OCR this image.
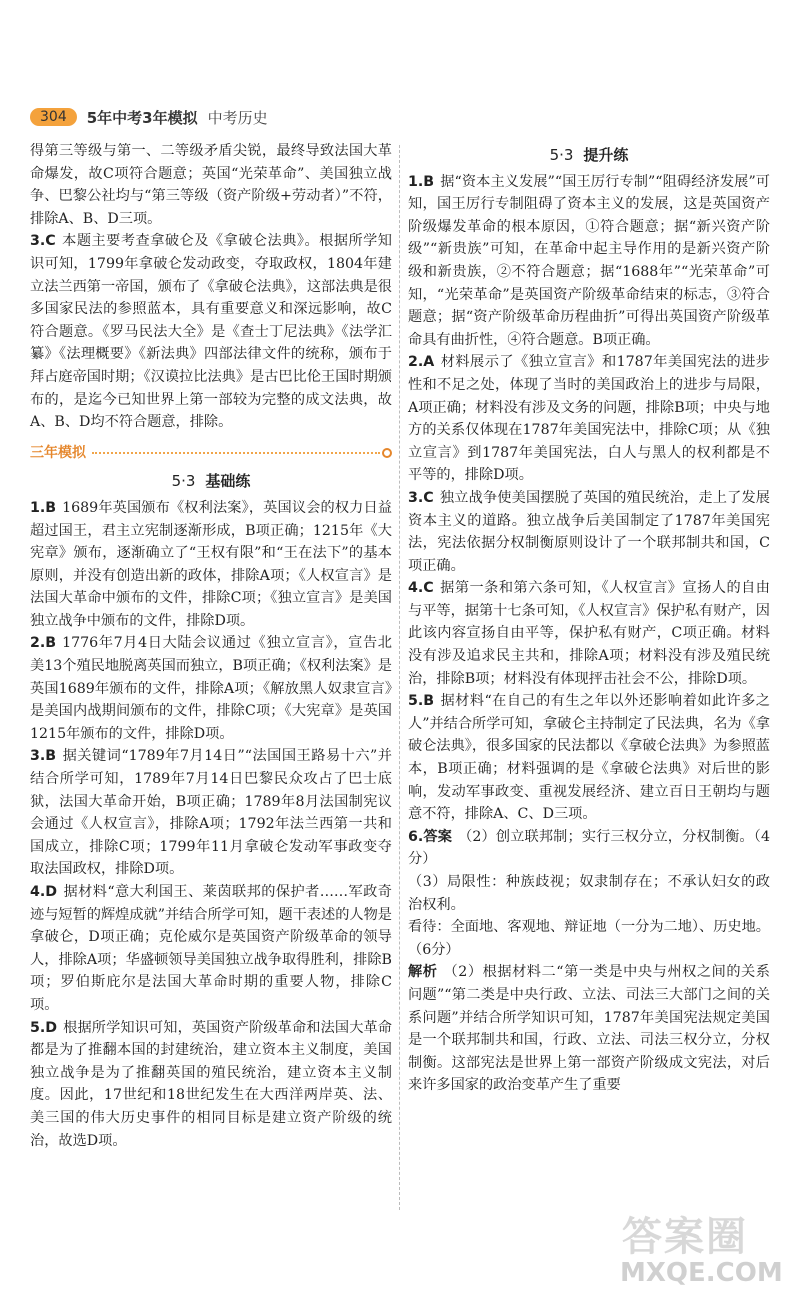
304	5年中考3年模拟 中考历史

得第三等级与第一、二等级矛盾尖锐，最终导致法国大革命爆发，故C项符合题意；英国“光荣革命”、美国独立战争、巴黎公社均与“第三等级（资产阶级+劳动者）”不符，排除A、B、D三项。

3.C 本题主要考查拿破仑及《拿破仑法典》。根据所学知识可知，1799年拿破仑发动政变，夺取政权，1804年建立法兰西第一帝国，颁布了《拿破仑法典》，这部法典是很多国家民法的参照蓝本，具有重要意义和深远影响，故C符合题意。《罗马民法大全》是《查士丁尼法典》《法学汇纂》《法理概要》《新法典》四部法律文件的统称，颁布于拜占庭帝国时期；《汉谟拉比法典》是古巴比伦王国时期颁布的，是迄今已知世界上第一部较为完整的成文法典，故A、B、D均不符合题意，排除。

三年模拟
5·3 基础练

1.B 1689年英国颁布《权利法案》，英国议会的权力日益超过国王，君主立宪制逐渐形成，B项正确；1215年《大宪章》颁布，逐渐确立了“王权有限”和“王在法下”的基本原则，并没有创造出新的政体，排除A项；《人权宣言》是法国大革命中颁布的文件，排除C项；《独立宣言》是美国独立战争中颁布的文件，排除D项。

2.B 1776年7月4日大陆会议通过《独立宣言》，宣告北美13个殖民地脱离英国而独立，B项正确；《权利法案》是英国1689年颁布的文件，排除A项；《解放黑人奴隶宣言》是美国内战期间颁布的文件，排除C项；《大宪章》是英国1215年颁布的文件，排除D项。

3.B 据关键词“1789年7月14日”“法国国王路易十六”并结合所学可知，1789年7月14日巴黎民众攻占了巴士底狱，法国大革命开始，B项正确；1789年8月法国制宪议会通过《人权宣言》，排除A项；1792年法兰西第一共和国成立，排除C项；1799年11月拿破仑发动军事政变夺取法国政权，排除D项。

4.D 据材料“意大利国王、莱茵联邦的保护者……军政奇迹与短暂的辉煌成就”并结合所学可知，题干表述的人物是拿破仑，D项正确；克伦威尔是英国资产阶级革命的领导人，排除A项；华盛顿领导美国独立战争取得胜利，排除B项；罗伯斯庇尔是法国大革命时期的重要人物，排除C项。

5.D 根据所学知识可知，英国资产阶级革命和法国大革命都是为了推翻本国的封建统治，建立资本主义制度，美国独立战争是为了推翻英国的殖民统治，建立资本主义制度。因此，17世纪和18世纪发生在大西洋两岸英、法、美三国的伟大历史事件的相同目标是建立资产阶级的统治，故选D项。

5·3 提升练

1.B 据“资本主义发展”“国王厉行专制”“阻碍经济发展”可知，国王厉行专制阻碍了资本主义的发展，这是英国资产阶级爆发革命的根本原因，①符合题意；据“新兴资产阶级”“新贵族”可知，在革命中起主导作用的是新兴资产阶级和新贵族，②不符合题意；据“1688年”“光荣革命”可知，“光荣革命”是英国资产阶级革命结束的标志，③符合题意；据“资产阶级革命历程曲折”可得出英国资产阶级革命具有曲折性，④符合题意。B项正确。

2.A 材料展示了《独立宣言》和1787年美国宪法的进步性和不足之处，体现了当时的美国政治上的进步与局限，A项正确；材料没有涉及文务的问题，排除B项；中央与地方的关系仅体现在1787年美国宪法中，排除C项；从《独立宣言》到1787年美国宪法，白人与黑人的权利都是不平等的，排除D项。

3.C 独立战争使美国摆脱了英国的殖民统治，走上了发展资本主义的道路。独立战争后美国制定了1787年美国宪法，宪法依据分权制衡原则设计了一个联邦制共和国，C项正确。

4.C 据第一条和第六条可知，《人权宣言》宣扬人的自由与平等，据第十七条可知，《人权宣言》保护私有财产，因此该内容宣扬自由平等，保护私有财产，C项正确。材料没有涉及追求民主共和，排除A项；材料没有涉及殖民统治，排除B项；材料没有体现抨击社会不公，排除D项。

5.B 据材料“在自己的有生之年以外还影响着如此许多之人”并结合所学可知，拿破仑主持制定了民法典，名为《拿破仑法典》，很多国家的民法都以《拿破仑法典》为参照蓝本，B项正确；材料强调的是《拿破仑法典》对后世的影响，发动军事政变、重视发展经济、建立百日王朝均与题意不符，排除A、C、D三项。

6.答案 （2）创立联邦制；实行三权分立，分权制衡。（4分）

（3）局限性：种族歧视；奴隶制存在；不承认妇女的政治权利。

看待：全面地、客观地、辩证地（一分为二地）、历史地。（6分）

解析 （2）根据材料二“第一类是中央与州权之间的关系问题”“第二类是中央行政、立法、司法三大部门之间的关系问题”并结合所学知识可知，1787年美国宪法规定美国是一个联邦制共和国，行政、立法、司法三权分立，分权制衡。这部宪法是世界上第一部资产阶级成文宪法，对后来许多国家的政治变革产生了重要

答案圈
MXQE.COM
